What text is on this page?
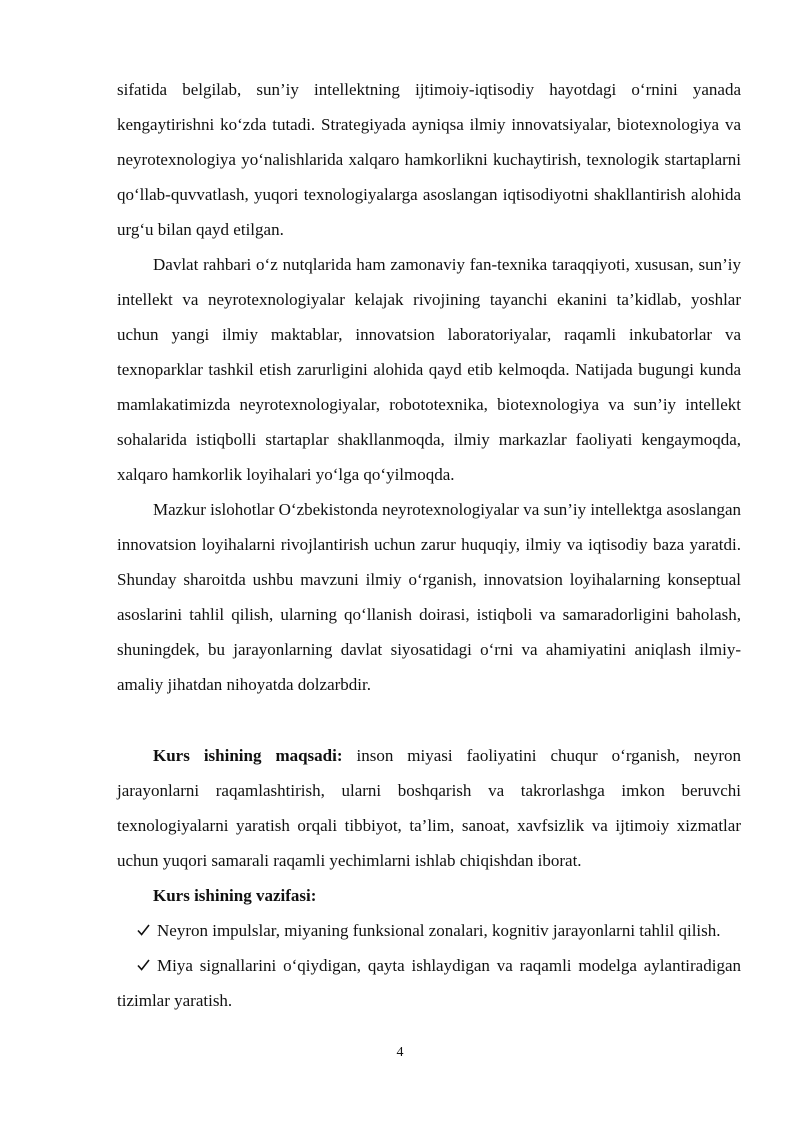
sifatida belgilab, sun’iy intellektning ijtimoiy-iqtisodiy hayotdagi o‘rnini yanada kengaytirishni ko‘zda tutadi. Strategiyada ayniqsa ilmiy innovatsiyalar, biotexnologiya va neyrotexnologiya yo‘nalishlarida xalqaro hamkorlikni kuchaytirish, texnologik startaplarni qo‘llab-quvvatlash, yuqori texnologiyalarga asoslangan iqtisodiyotni shakllantirish alohida urg‘u bilan qayd etilgan.

Davlat rahbari o‘z nutqlarida ham zamonaviy fan-texnika taraqqiyoti, xususan, sun’iy intellekt va neyrotexnologiyalar kelajak rivojining tayanchi ekanini ta’kidlab, yoshlar uchun yangi ilmiy maktablar, innovatsion laboratoriyalar, raqamli inkubatorlar va texnoparklar tashkil etish zarurligini alohida qayd etib kelmoqda. Natijada bugungi kunda mamlakatimizda neyrotexnologiyalar, robototexnika, biotexnologiya va sun’iy intellekt sohalarida istiqbolli startaplar shakllanmoqda, ilmiy markazlar faoliyati kengaymoqda, xalqaro hamkorlik loyihalari yo‘lga qo‘yilmoqda.

Mazkur islohotlar O‘zbekistonda neyrotexnologiyalar va sun’iy intellektga asoslangan innovatsion loyihalarni rivojlantirish uchun zarur huquqiy, ilmiy va iqtisodiy baza yaratdi. Shunday sharoitda ushbu mavzuni ilmiy o‘rganish, innovatsion loyihalarning konseptual asoslarini tahlil qilish, ularning qo‘llanish doirasi, istiqboli va samaradorligini baholash, shuningdek, bu jarayonlarning davlat siyosatidagi o‘rni va ahamiyatini aniqlash ilmiy-amaliy jihatdan nihoyatda dolzarbdir.

Kurs ishining maqsadi: inson miyasi faoliyatini chuqur o‘rganish, neyron jarayonlarni raqamlashtirish, ularni boshqarish va takrorlashga imkon beruvchi texnologiyalarni yaratish orqali tibbiyot, ta’lim, sanoat, xavfsizlik va ijtimoiy xizmatlar uchun yuqori samarali raqamli yechimlarni ishlab chiqishdan iborat.

Kurs ishining vazifasi:

Neyron impulslar, miyaning funksional zonalari, kognitiv jarayonlarni tahlil qilish.

Miya signallarini o‘qiydigan, qayta ishlaydigan va raqamli modelga aylantiradigan tizimlar yaratish.

4
